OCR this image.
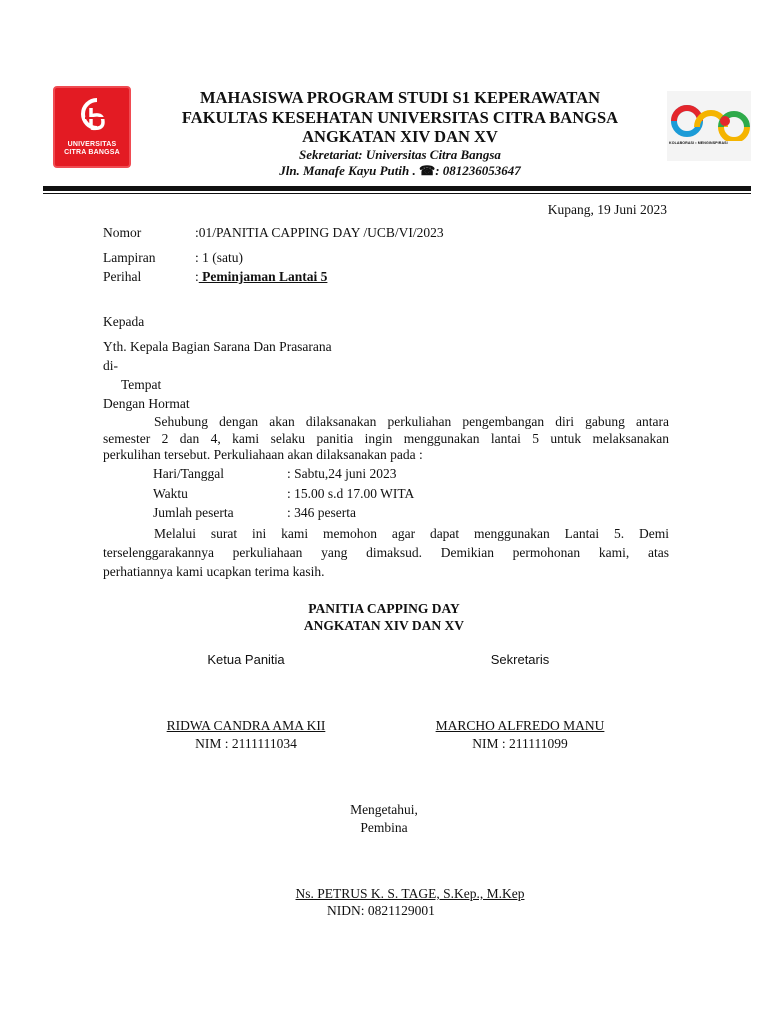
UNIVERSITAS
CITRA BANGSA
KOLABORASI • MENGINSPIRASI
MAHASISWA PROGRAM STUDI S1 KEPERAWATAN
FAKULTAS KESEHATAN UNIVERSITAS CITRA BANGSA
ANGKATAN XIV DAN XV
Sekretariat: Universitas Citra Bangsa
Jln. Manafe Kayu Putih . ☎: 081236053647
Kupang, 19 Juni 2023
Nomor	:01/PANITIA CAPPING DAY /UCB/VI/2023
Lampiran	: 1 (satu)
Perihal	: Peminjaman Lantai 5
Kepada
Yth. Kepala Bagian Sarana Dan Prasarana
di-
Tempat
Dengan Hormat
Sehubung dengan akan dilaksanakan perkuliahan pengembangan diri gabung antara
semester 2 dan 4, kami selaku panitia ingin menggunakan lantai 5 untuk melaksanakan
perkulihan tersebut. Perkuliahaan akan dilaksanakan pada :
Hari/Tanggal	: Sabtu,24 juni 2023
Waktu	: 15.00 s.d 17.00 WITA
Jumlah peserta	: 346 peserta
Melalui surat ini kami memohon agar dapat menggunakan Lantai 5. Demi
terselenggarakannya perkuliahaan yang dimaksud. Demikian permohonan kami, atas
perhatiannya kami ucapkan terima kasih.
PANITIA CAPPING DAY
ANGKATAN XIV DAN XV
Ketua Panitia	Sekretaris
RIDWA CANDRA AMA KII
NIM : 2111111034
MARCHO ALFREDO MANU
NIM : 211111099
Mengetahui,
Pembina
Ns. PETRUS K. S. TAGE, S.Kep., M.Kep
NIDN: 0821129001
